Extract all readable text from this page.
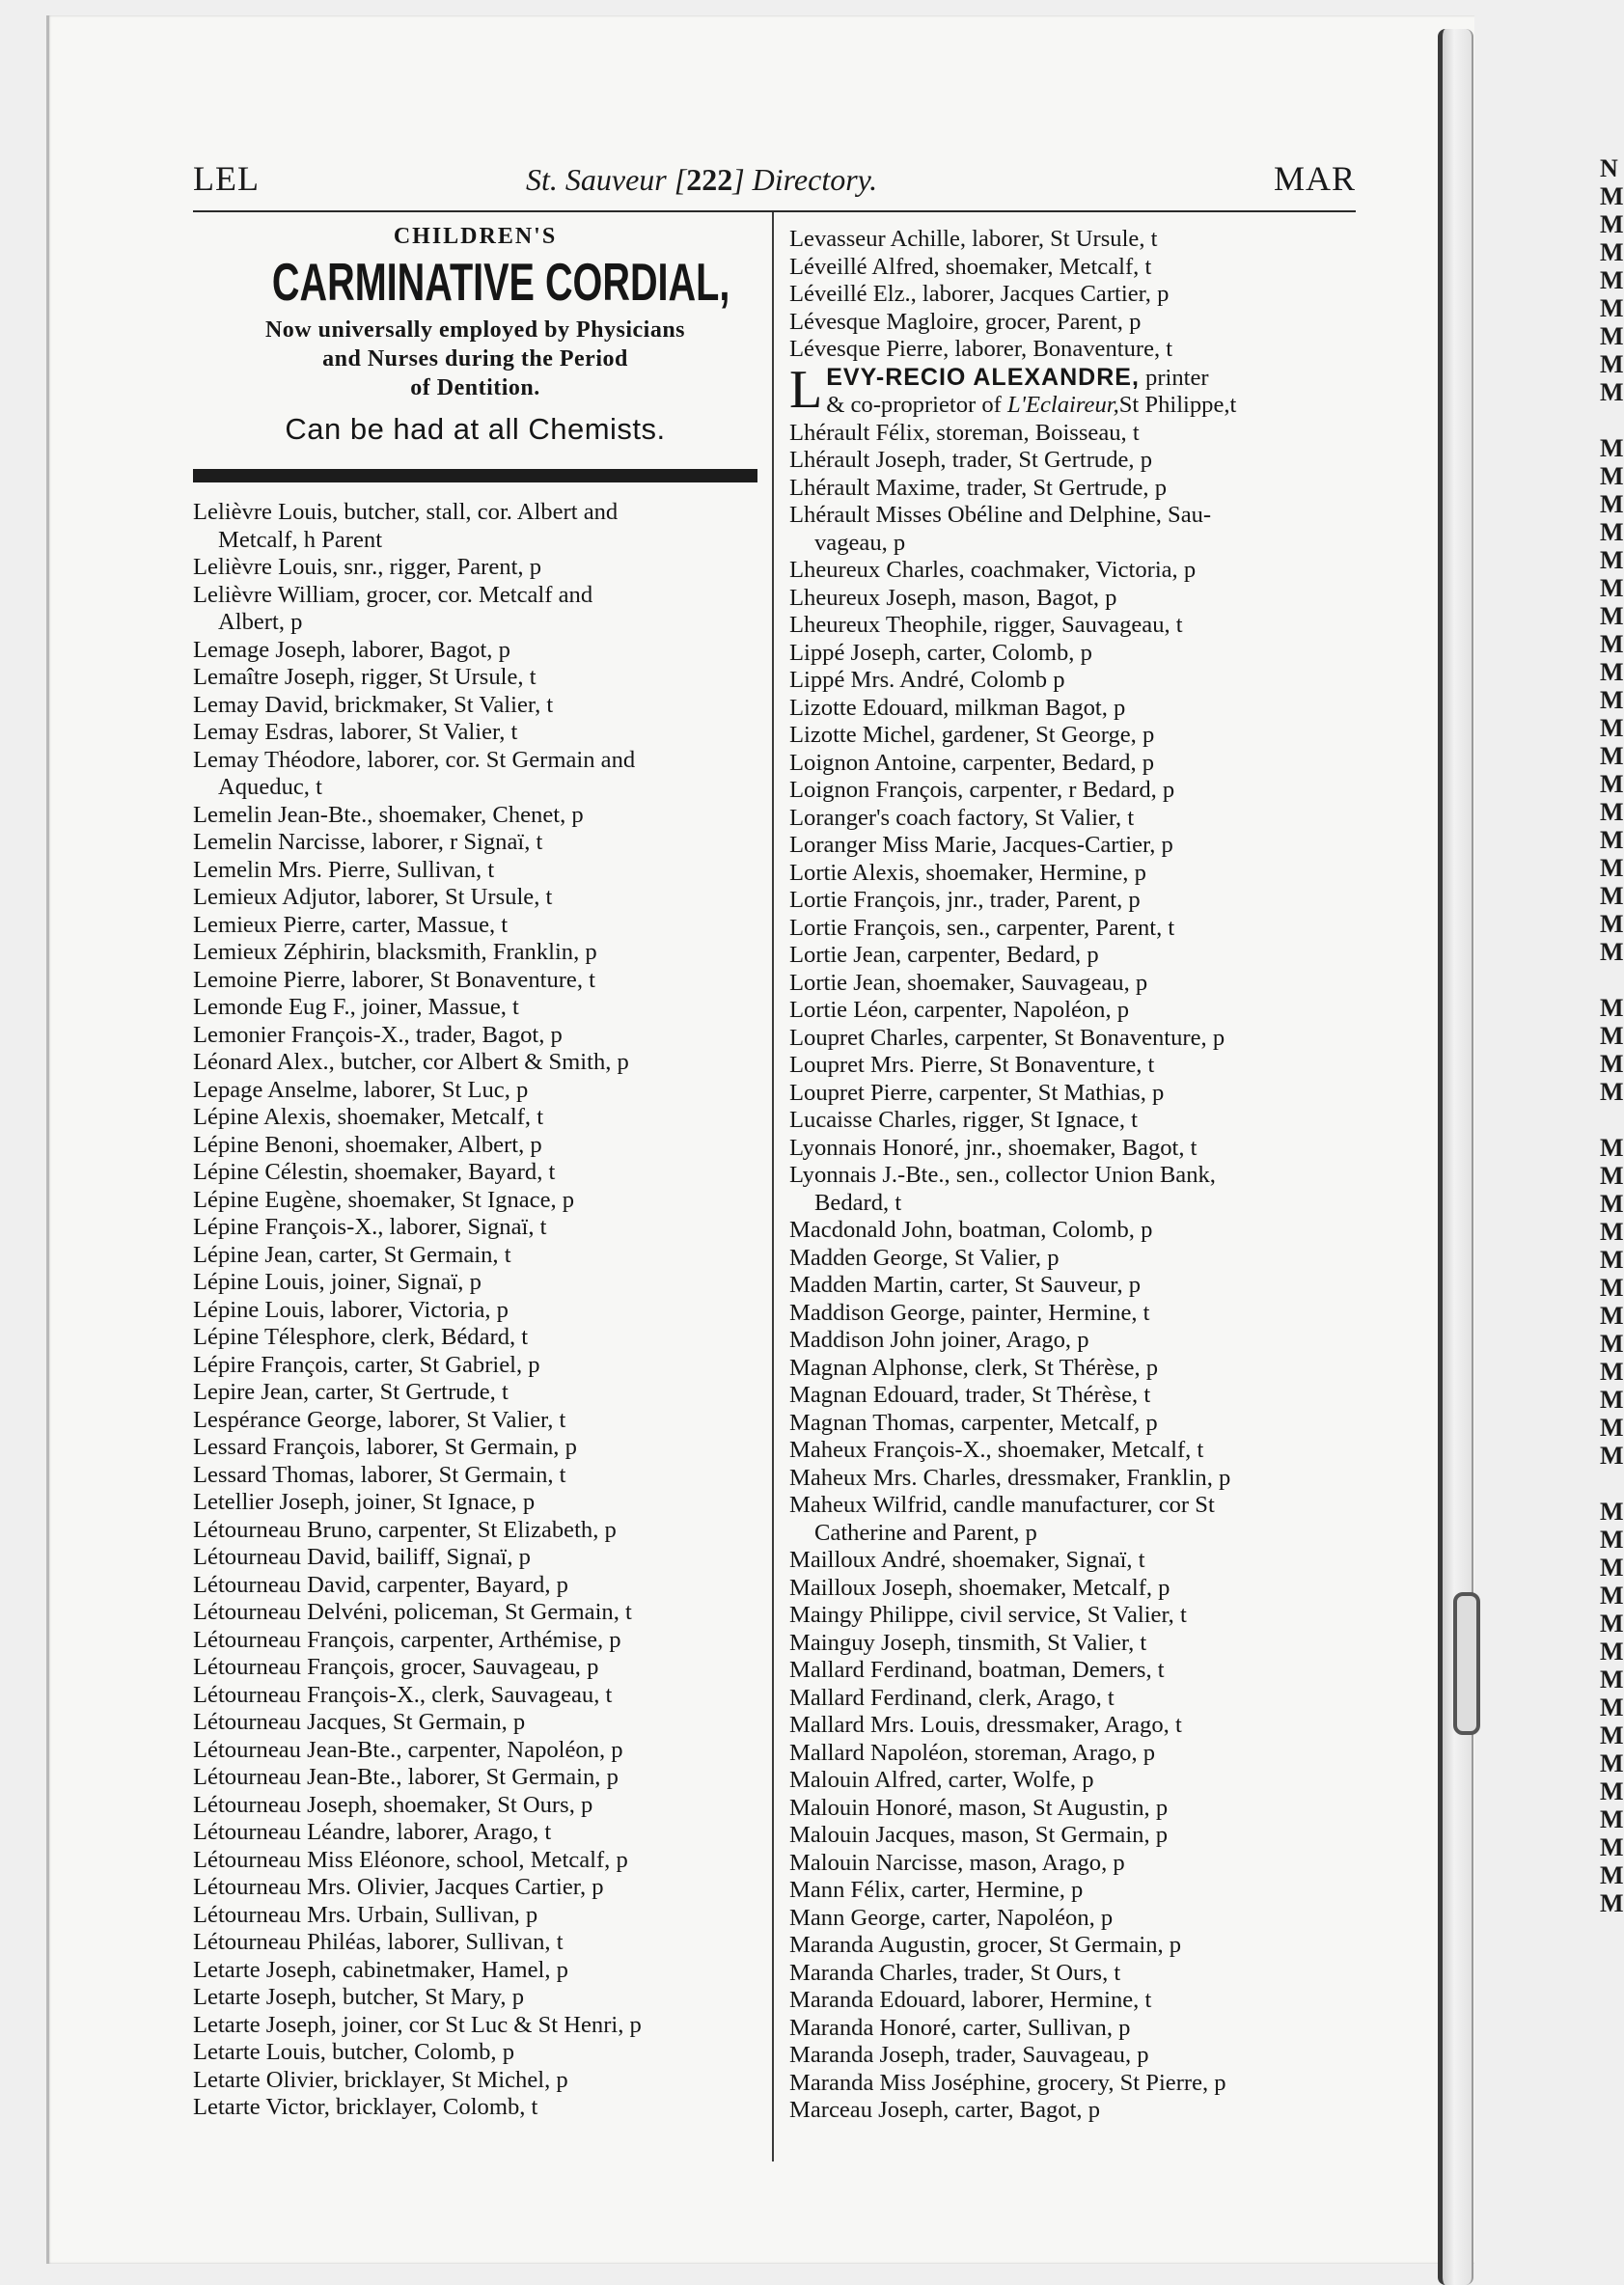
N
M
M
M
M
M
M
M
M
M
M
M
M
M
M
M
M
M
M
M
M
M
M
M
M
M
M
M
M
M
M
M
M
M
M
M
M
M
M
M
M
M
M
M
M
M
M
M
M
M
M
M
M
M
M
M
M
M
M
LEL	St. Sauveur [222] Directory.	MAR
CHILDREN'S
CARMINATIVE CORDIAL,
Now universally employed by Physicians
and Nurses during the Period
of Dentition.
Can be had at all Chemists.
Lelièvre Louis, butcher, stall, cor. Albert and
Metcalf, h Parent
Lelièvre Louis, snr., rigger, Parent, p
Lelièvre William, grocer, cor. Metcalf and
Albert, p
Lemage Joseph, laborer, Bagot, p
Lemaître Joseph, rigger, St Ursule, t
Lemay David, brickmaker, St Valier, t
Lemay Esdras, laborer, St Valier, t
Lemay Théodore, laborer, cor. St Germain and
Aqueduc, t
Lemelin Jean-Bte., shoemaker, Chenet, p
Lemelin Narcisse, laborer, r Signaï, t
Lemelin Mrs. Pierre, Sullivan, t
Lemieux Adjutor, laborer, St Ursule, t
Lemieux Pierre, carter, Massue, t
Lemieux Zéphirin, blacksmith, Franklin, p
Lemoine Pierre, laborer, St Bonaventure, t
Lemonde Eug F., joiner, Massue, t
Lemonier François-X., trader, Bagot, p
Léonard Alex., butcher, cor Albert & Smith, p
Lepage Anselme, laborer, St Luc, p
Lépine Alexis, shoemaker, Metcalf, t
Lépine Benoni, shoemaker, Albert, p
Lépine Célestin, shoemaker, Bayard, t
Lépine Eugène, shoemaker, St Ignace, p
Lépine François-X., laborer, Signaï, t
Lépine Jean, carter, St Germain, t
Lépine Louis, joiner, Signaï, p
Lépine Louis, laborer, Victoria, p
Lépine Télesphore, clerk, Bédard, t
Lépire François, carter, St Gabriel, p
Lepire Jean, carter, St Gertrude, t
Lespérance George, laborer, St Valier, t
Lessard François, laborer, St Germain, p
Lessard Thomas, laborer, St Germain, t
Letellier Joseph, joiner, St Ignace, p
Létourneau Bruno, carpenter, St Elizabeth, p
Létourneau David, bailiff, Signaï, p
Létourneau David, carpenter, Bayard, p
Létourneau Delvéni, policeman, St Germain, t
Létourneau François, carpenter, Arthémise, p
Létourneau François, grocer, Sauvageau, p
Létourneau François-X., clerk, Sauvageau, t
Létourneau Jacques, St Germain, p
Létourneau Jean-Bte., carpenter, Napoléon, p
Létourneau Jean-Bte., laborer, St Germain, p
Létourneau Joseph, shoemaker, St Ours, p
Létourneau Léandre, laborer, Arago, t
Létourneau Miss Eléonore, school, Metcalf, p
Létourneau Mrs. Olivier, Jacques Cartier, p
Létourneau Mrs. Urbain, Sullivan, p
Létourneau Philéas, laborer, Sullivan, t
Letarte Joseph, cabinetmaker, Hamel, p
Letarte Joseph, butcher, St Mary, p
Letarte Joseph, joiner, cor St Luc & St Henri, p
Letarte Louis, butcher, Colomb, p
Letarte Olivier, bricklayer, St Michel, p
Letarte Victor, bricklayer, Colomb, t
Levasseur Achille, laborer, St Ursule, t
Léveillé Alfred, shoemaker, Metcalf, t
Léveillé Elz., laborer, Jacques Cartier, p
Lévesque Magloire, grocer, Parent, p
Lévesque Pierre, laborer, Bonaventure, t
LEVY-RECIO ALEXANDRE, printer
& co-proprietor of L'Eclaireur,St Philippe,t
Lhérault Félix, storeman, Boisseau, t
Lhérault Joseph, trader, St Gertrude, p
Lhérault Maxime, trader, St Gertrude, p
Lhérault Misses Obéline and Delphine, Sau-
vageau, p
Lheureux Charles, coachmaker, Victoria, p
Lheureux Joseph, mason, Bagot, p
Lheureux Theophile, rigger, Sauvageau, t
Lippé Joseph, carter, Colomb, p
Lippé Mrs. André, Colomb p
Lizotte Edouard, milkman Bagot, p
Lizotte Michel, gardener, St George, p
Loignon Antoine, carpenter, Bedard, p
Loignon François, carpenter, r Bedard, p
Loranger's coach factory, St Valier, t
Loranger Miss Marie, Jacques-Cartier, p
Lortie Alexis, shoemaker, Hermine, p
Lortie François, jnr., trader, Parent, p
Lortie François, sen., carpenter, Parent, t
Lortie Jean, carpenter, Bedard, p
Lortie Jean, shoemaker, Sauvageau, p
Lortie Léon, carpenter, Napoléon, p
Loupret Charles, carpenter, St Bonaventure, p
Loupret Mrs. Pierre, St Bonaventure, t
Loupret Pierre, carpenter, St Mathias, p
Lucaisse Charles, rigger, St Ignace, t
Lyonnais Honoré, jnr., shoemaker, Bagot, t
Lyonnais J.-Bte., sen., collector Union Bank,
Bedard, t
Macdonald John, boatman, Colomb, p
Madden George, St Valier, p
Madden Martin, carter, St Sauveur, p
Maddison George, painter, Hermine, t
Maddison John joiner, Arago, p
Magnan Alphonse, clerk, St Thérèse, p
Magnan Edouard, trader, St Thérèse, t
Magnan Thomas, carpenter, Metcalf, p
Maheux François-X., shoemaker, Metcalf, t
Maheux Mrs. Charles, dressmaker, Franklin, p
Maheux Wilfrid, candle manufacturer, cor St
Catherine and Parent, p
Mailloux André, shoemaker, Signaï, t
Mailloux Joseph, shoemaker, Metcalf, p
Maingy Philippe, civil service, St Valier, t
Mainguy Joseph, tinsmith, St Valier, t
Mallard Ferdinand, boatman, Demers, t
Mallard Ferdinand, clerk, Arago, t
Mallard Mrs. Louis, dressmaker, Arago, t
Mallard Napoléon, storeman, Arago, p
Malouin Alfred, carter, Wolfe, p
Malouin Honoré, mason, St Augustin, p
Malouin Jacques, mason, St Germain, p
Malouin Narcisse, mason, Arago, p
Mann Félix, carter, Hermine, p
Mann George, carter, Napoléon, p
Maranda Augustin, grocer, St Germain, p
Maranda Charles, trader, St Ours, t
Maranda Edouard, laborer, Hermine, t
Maranda Honoré, carter, Sullivan, p
Maranda Joseph, trader, Sauvageau, p
Maranda Miss Joséphine, grocery, St Pierre, p
Marceau Joseph, carter, Bagot, p
